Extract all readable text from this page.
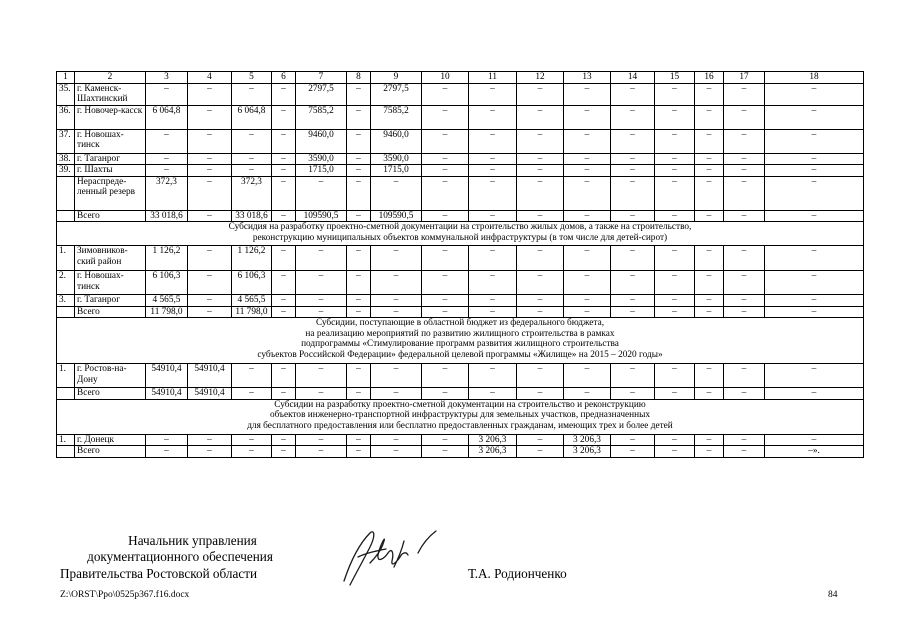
1	2	3	4	5	6	7	8	9	10	11	12	13	14	15	16	17	18
35.	г. Каменск-Шахтинский	–	–	–	–	2797,5	–	2797,5	–	–	–	–	–	–	–	–	–
36.	г. Новочер-касск	6 064,8	–	6 064,8	–	7585,2	–	7585,2	–	–	–	–	–	–	–	–	–
37.	г. Новошах-тинск	–	–	–	–	9460,0	–	9460,0	–	–	–	–	–	–	–	–	–
38.	г. Таганрог	–	–	–	–	3590,0	–	3590,0	–	–	–	–	–	–	–	–	–
39.	г. Шахты	–	–	–	–	1715,0	–	1715,0	–	–	–	–	–	–	–	–	–
	Нераспреде-ленный резерв	372,3	–	372,3	–	–	–	–	–	–	–	–	–	–	–	–	–
	Всего	33 018,6	–	33 018,6	–	109590,5	–	109590,5	–	–	–	–	–	–	–	–	–

Субсидия на разработку проектно-сметной документации на строительство жилых домов, а также на строительство,
реконструкцию муниципальных объектов коммунальной инфраструктуры (в том числе для детей-сирот)																	

1.	Зимовников-ский район	1 126,2	–	1 126,2	–	–	–	–	–	–	–	–	–	–	–	–	–
2.	г. Новошах-тинск	6 106,3	–	6 106,3	–	–	–	–	–	–	–	–	–	–	–	–	–
3.	г. Таганрог	4 565,5	–	4 565,5	–	–	–	–	–	–	–	–	–	–	–	–	–
	Всего	11 798,0	–	11 798,0	–	–	–	–	–	–	–	–	–	–	–	–	–

Субсидии, поступающие в областной бюджет из федерального бюджета,
на реализацию мероприятий по развитию жилищного строительства в рамках
подпрограммы «Стимулирование программ развития жилищного строительства
субъектов Российской Федерации» федеральной целевой программы «Жилище» на 2015 – 2020 годы»																	

1.	г. Ростов-на-Дону	54910,4	54910,4	–	–	–	–	–	–	–	–	–	–	–	–	–	–
	Всего	54910,4	54910,4	–	–	–	–	–	–	–	–	–	–	–	–	–	–

Субсидии на разработку проектно-сметной документации на строительство и реконструкцию
объектов инженерно-транспортной инфраструктуры для земельных участков, предназначенных
для бесплатного предоставления или бесплатно предоставленных гражданам, имеющих трех и более детей																	

1.	г. Донецк	–	–	–	–	–	–	–	–	3 206,3	–	3 206,3	–	–	–	–	–
	Всего	–	–	–	–	–	–	–	–	3 206,3	–	3 206,3	–	–	–	–	–».
Начальник управления
документационного обеспечения
Правительства Ростовской области	Т.А. Родионченко
Z:\ORST\Ppo\0525p367.f16.docx	84
